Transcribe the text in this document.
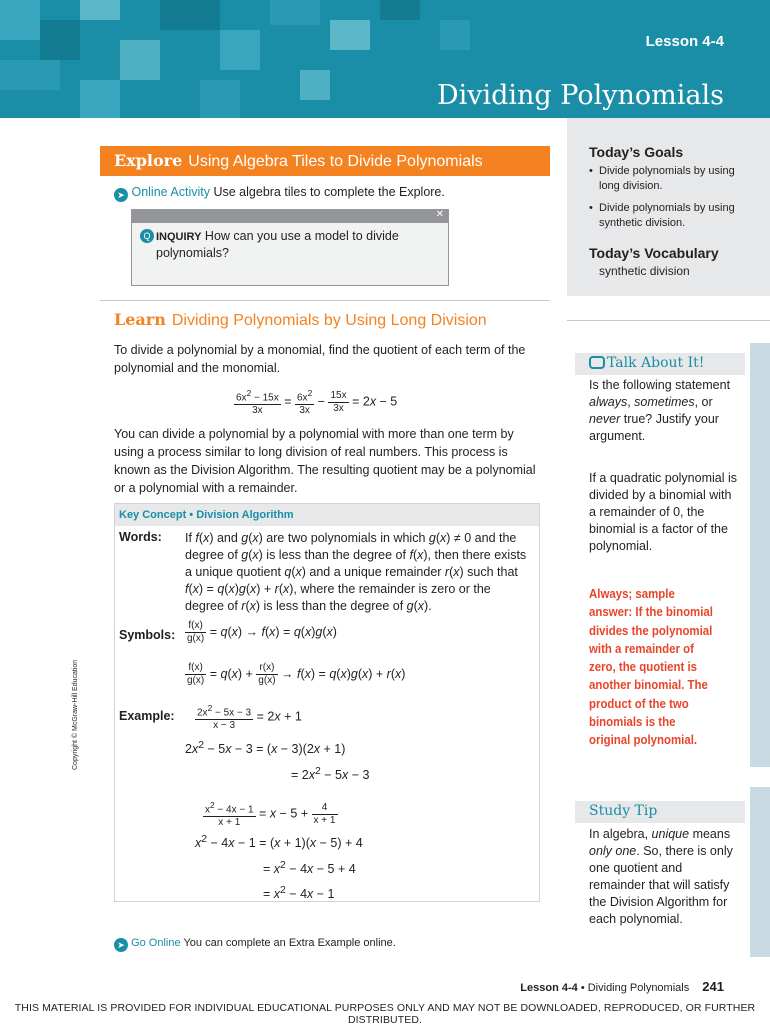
Lesson 4-4
Dividing Polynomials
Today’s Goals
• Divide polynomials by using long division.
• Divide polynomials by using synthetic division.
Today’s Vocabulary
synthetic division
Talk About It!
Is the following statement always, sometimes, or never true? Justify your argument.
If a quadratic polynomial is divided by a binomial with a remainder of 0, the binomial is a factor of the polynomial.
Always; sample answer: If the binomial divides the polynomial with a remainder of zero, the quotient is another binomial. The product of the two binomials is the original polynomial.
Study Tip
In algebra, unique means only one. So, there is only one quotient and remainder that will satisfy the Division Algorithm for each polynomial.
Explore Using Algebra Tiles to Divide Polynomials
➤ Online Activity Use algebra tiles to complete the Explore.
✕
Q INQUIRY How can you use a model to divide polynomials?
Learn Dividing Polynomials by Using Long Division
To divide a polynomial by a monomial, find the quotient of each term of the polynomial and the monomial.
$\frac{6x^2 - 15x}{3x} = \frac{6x^2}{3x} - \frac{15x}{3x} = 2x - 5$
You can divide a polynomial by a polynomial with more than one term by using a process similar to long division of real numbers. This process is known as the Division Algorithm. The resulting quotient may be a polynomial or a polynomial with a remainder.
Key Concept • Division Algorithm
Words: If f(x) and g(x) are two polynomials in which g(x) ≠ 0 and the degree of g(x) is less than the degree of f(x), then there exists a unique quotient q(x) and a unique remainder r(x) such that f(x) = q(x)g(x) + r(x), where the remainder is zero or the degree of r(x) is less than the degree of g(x).
Symbols: $\frac{f(x)}{g(x)} = q(x) \to f(x) = q(x)g(x)$
$\frac{f(x)}{g(x)} = q(x) + \frac{r(x)}{g(x)} \to f(x) = q(x)g(x) + r(x)$
Example: $\frac{2x^2 - 5x - 3}{x - 3} = 2x + 1$
$2x^2 - 5x - 3 = (x - 3)(2x + 1)$
= $2x^2 - 5x - 3$
$\frac{x^2 - 4x - 1}{x + 1} = x - 5 + \frac{4}{x + 1}$
$x^2 - 4x - 1 = (x + 1)(x - 5) + 4$
= $x^2 - 4x - 5 + 4$
= $x^2 - 4x - 1$
➤ Go Online You can complete an Extra Example online.
Lesson 4-4 • Dividing Polynomials 241
Copyright © McGraw-Hill Education
THIS MATERIAL IS PROVIDED FOR INDIVIDUAL EDUCATIONAL PURPOSES ONLY AND MAY NOT BE DOWNLOADED, REPRODUCED, OR FURTHER DISTRIBUTED.
